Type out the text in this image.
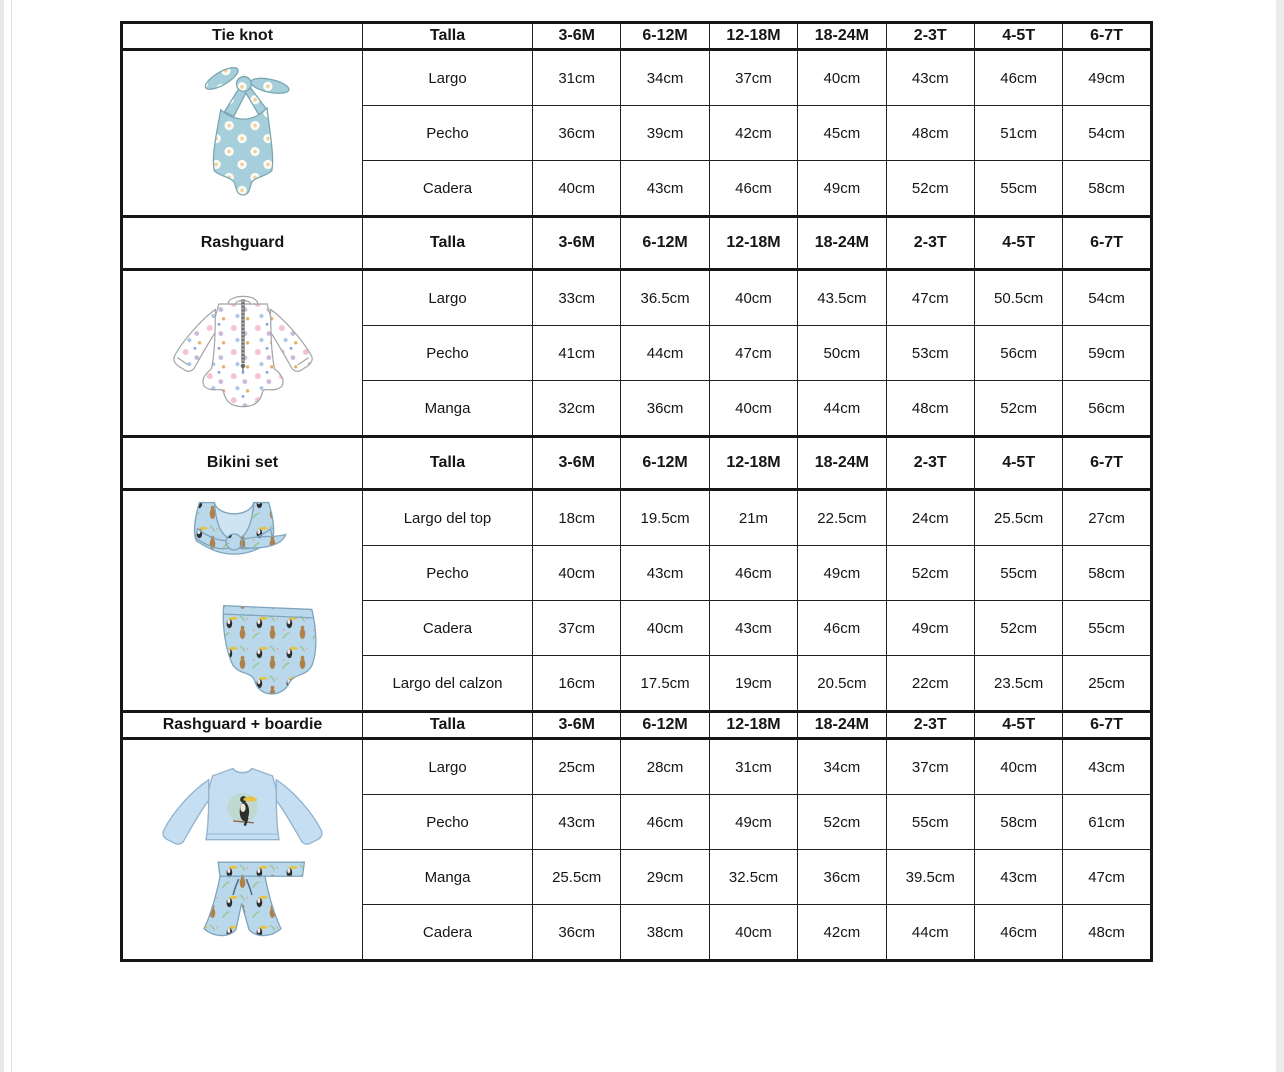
Tie knot	Talla	3-6M	6-12M	12-18M	18-24M	2-3T	4-5T	6-7T

	Largo	31cm	34cm	37cm	40cm	43cm	46cm	49cm
	Pecho	36cm	39cm	42cm	45cm	48cm	51cm	54cm
	Cadera	40cm	43cm	46cm	49cm	52cm	55cm	58cm
Rashguard	Talla	3-6M	6-12M	12-18M	18-24M	2-3T	4-5T	6-7T

	Largo	33cm	36.5cm	40cm	43.5cm	47cm	50.5cm	54cm
	Pecho	41cm	44cm	47cm	50cm	53cm	56cm	59cm
	Manga	32cm	36cm	40cm	44cm	48cm	52cm	56cm
Bikini set	Talla	3-6M	6-12M	12-18M	18-24M	2-3T	4-5T	6-7T

	Largo del top	18cm	19.5cm	21m	22.5cm	24cm	25.5cm	27cm
	Pecho	40cm	43cm	46cm	49cm	52cm	55cm	58cm
	Cadera	37cm	40cm	43cm	46cm	49cm	52cm	55cm
	Largo del calzon	16cm	17.5cm	19cm	20.5cm	22cm	23.5cm	25cm
Rashguard + boardie	Talla	3-6M	6-12M	12-18M	18-24M	2-3T	4-5T	6-7T

	Largo	25cm	28cm	31cm	34cm	37cm	40cm	43cm
	Pecho	43cm	46cm	49cm	52cm	55cm	58cm	61cm
	Manga	25.5cm	29cm	32.5cm	36cm	39.5cm	43cm	47cm
	Cadera	36cm	38cm	40cm	42cm	44cm	46cm	48cm
